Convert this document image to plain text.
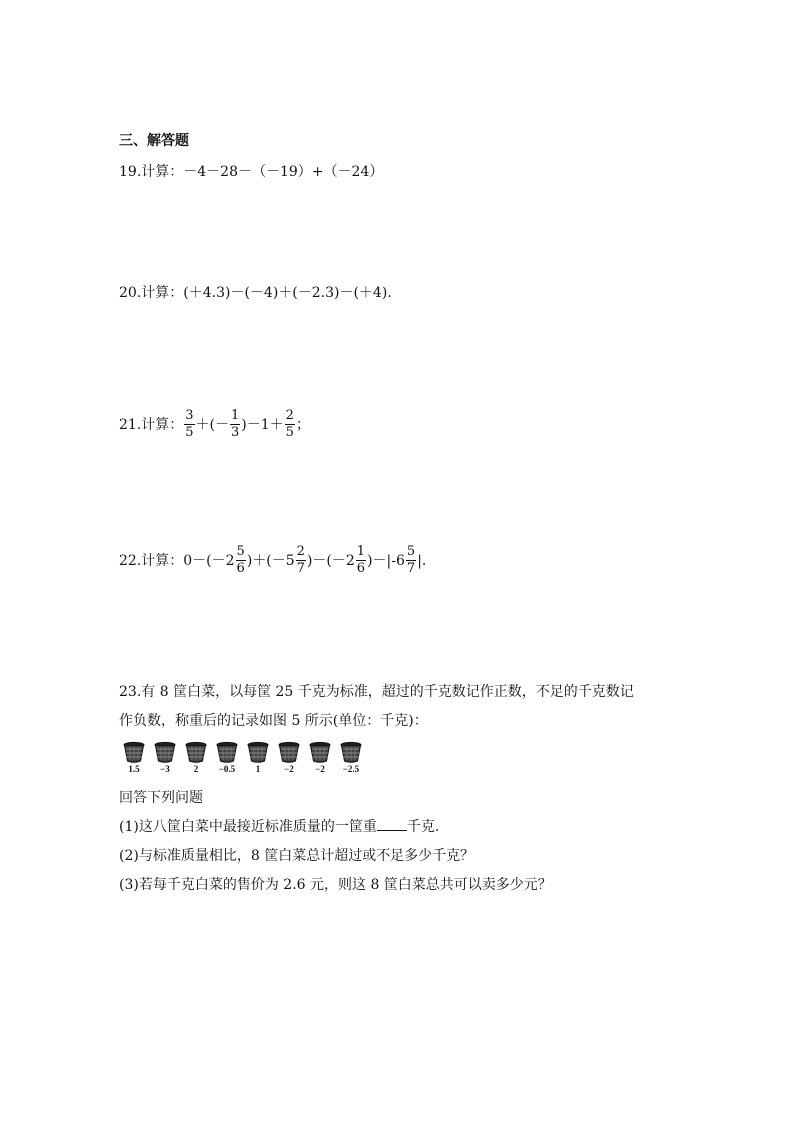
三、解答题
19.计算： －4－28－（－19）+（－24）
20.计算： (＋4.3)－(－4)＋(－2.3)－(＋4).
21.计算： $\frac{3}{5}$ ＋(－ $\frac{1}{3} )-1+ \frac{2}{5}$ ；
22.计算： $0-(-2 \frac{5}{6} )+(-5 \frac{2}{7} )-(-2 \frac{1}{6} )-|-6 \frac{5}{7}$ |.
23.有 8 筐白菜，以每筐 25 千克为标准，超过的千克数记作正数，不足的千克数记
作负数，称重后的记录如图 5 所示(单位：千克)：
1.5 −3	2 −0.5 1	−2 −2 −2.5
回答下列问题
(1)这八筐白菜中最接近标准质量的一筐重 千克.
(2)与标准质量相比，8 筐白菜总计超过或不足多少千克？
(3)若每千克白菜的售价为 2.6 元，则这 8 筐白菜总共可以卖多少元？
